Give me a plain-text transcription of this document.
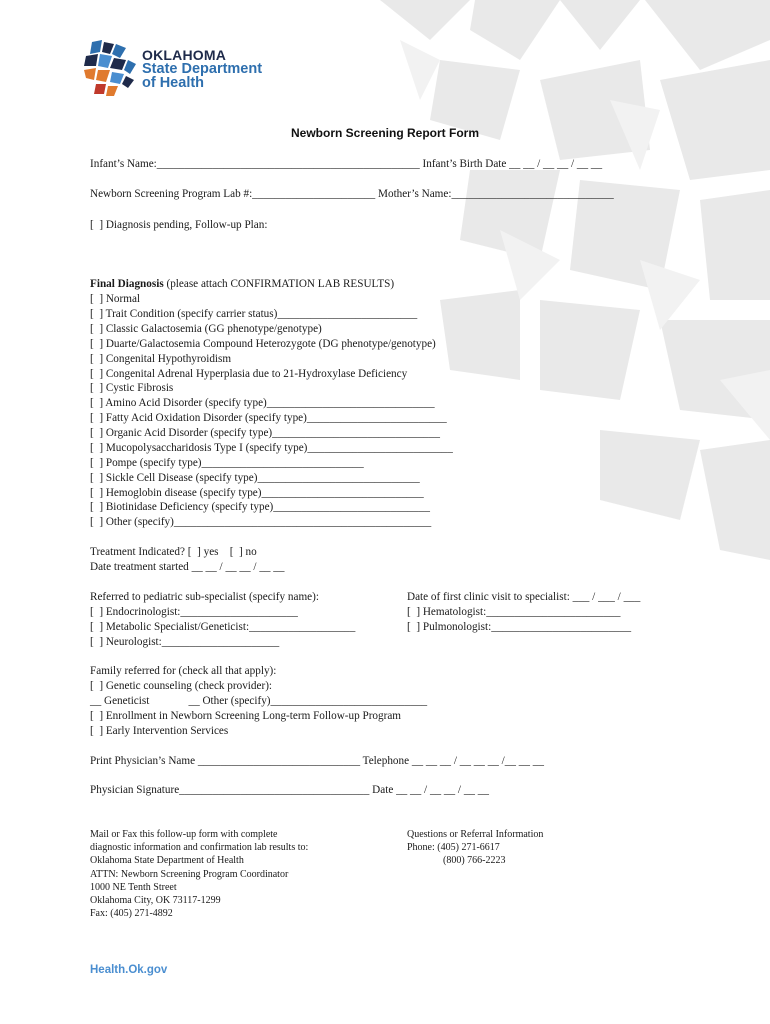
OKLAHOMA
State Department
of Health
Newborn Screening Report Form
Infant’s Name:_______________________________________________ Infant’s Birth Date __ __ / __ __ / __ __
Newborn Screening Program Lab #:______________________ Mother’s Name:_____________________________
[  ] Diagnosis pending, Follow-up Plan:
Final Diagnosis (please attach CONFIRMATION LAB RESULTS)
[  ] Normal
[  ] Trait Condition (specify carrier status)_________________________
[  ] Classic Galactosemia (GG phenotype/genotype)
[  ] Duarte/Galactosemia Compound Heterozygote (DG phenotype/genotype)
[  ] Congenital Hypothyroidism
[  ] Congenital Adrenal Hyperplasia due to 21-Hydroxylase Deficiency
[  ] Cystic Fibrosis
[  ] Amino Acid Disorder (specify type)______________________________
[  ] Fatty Acid Oxidation Disorder (specify type)_________________________
[  ] Organic Acid Disorder (specify type)______________________________
[  ] Mucopolysaccharidosis Type I (specify type)__________________________
[  ] Pompe (specify type)_____________________________
[  ] Sickle Cell Disease (specify type)_____________________________
[  ] Hemoglobin disease (specify type)_____________________________
[  ] Biotinidase Deficiency (specify type)____________________________
[  ] Other (specify)______________________________________________
Treatment Indicated? [  ] yes    [  ] no
Date treatment started __ __ / __ __ / __ __
Referred to pediatric sub-specialist (specify name):
[  ] Endocrinologist:_____________________
[  ] Metabolic Specialist/Geneticist:___________________
[  ] Neurologist:_____________________
Date of first clinic visit to specialist: ___ / ___ / ___
[  ] Hematologist:________________________
[  ] Pulmonologist:_________________________
Family referred for (check all that apply):
[  ] Genetic counseling (check provider):
__ Geneticist              __ Other (specify)____________________________
[  ] Enrollment in Newborn Screening Long-term Follow-up Program
[  ] Early Intervention Services
Print Physician’s Name _____________________________ Telephone __ __ __ / __ __ __ /__ __ __
Physician Signature__________________________________ Date __ __ / __ __ / __ __
Mail or Fax this follow-up form with complete
diagnostic information and confirmation lab results to:
Oklahoma State Department of Health
ATTN: Newborn Screening Program Coordinator
1000 NE Tenth Street
Oklahoma City, OK 73117-1299
Fax: (405) 271-4892
Questions or Referral Information
Phone: (405) 271-6617
(800) 766-2223
Health.Ok.gov
